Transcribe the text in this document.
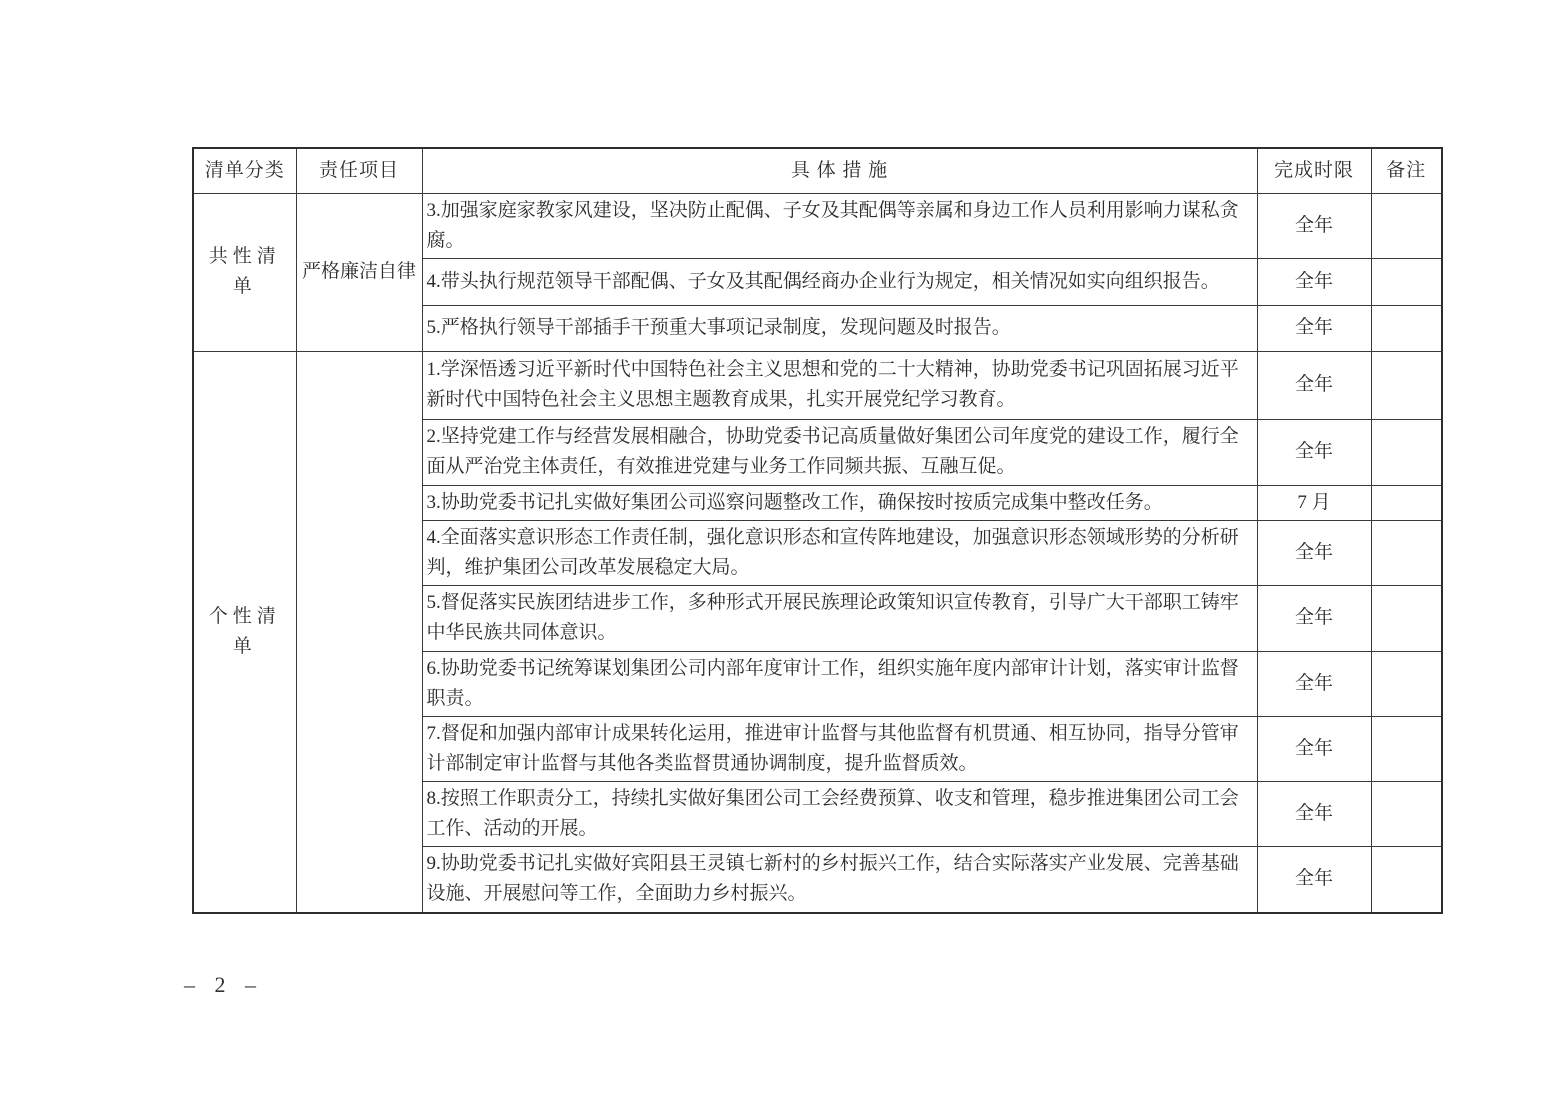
清单分类	责任项目	具 体 措 施	完成时限	备注
共性清单	严格廉洁自律	3.加强家庭家教家风建设，坚决防止配偶、子女及其配偶等亲属和身边工作人员利用影响力谋私贪腐。	全年	
		4.带头执行规范领导干部配偶、子女及其配偶经商办企业行为规定，相关情况如实向组织报告。	全年	
		5.严格执行领导干部插手干预重大事项记录制度，发现问题及时报告。	全年	
个性清单		1.学深悟透习近平新时代中国特色社会主义思想和党的二十大精神，协助党委书记巩固拓展习近平新时代中国特色社会主义思想主题教育成果，扎实开展党纪学习教育。	全年	
		2.坚持党建工作与经营发展相融合，协助党委书记高质量做好集团公司年度党的建设工作，履行全面从严治党主体责任，有效推进党建与业务工作同频共振、互融互促。	全年	
		3.协助党委书记扎实做好集团公司巡察问题整改工作，确保按时按质完成集中整改任务。	7 月	
		4.全面落实意识形态工作责任制，强化意识形态和宣传阵地建设，加强意识形态领域形势的分析研判，维护集团公司改革发展稳定大局。	全年	
		5.督促落实民族团结进步工作，多种形式开展民族理论政策知识宣传教育，引导广大干部职工铸牢中华民族共同体意识。	全年	
		6.协助党委书记统筹谋划集团公司内部年度审计工作，组织实施年度内部审计计划，落实审计监督职责。	全年	
		7.督促和加强内部审计成果转化运用，推进审计监督与其他监督有机贯通、相互协同，指导分管审计部制定审计监督与其他各类监督贯通协调制度，提升监督质效。	全年	
		8.按照工作职责分工，持续扎实做好集团公司工会经费预算、收支和管理，稳步推进集团公司工会工作、活动的开展。	全年	
		9.协助党委书记扎实做好宾阳县王灵镇七新村的乡村振兴工作，结合实际落实产业发展、完善基础设施、开展慰问等工作，全面助力乡村振兴。	全年	
– 2 –
